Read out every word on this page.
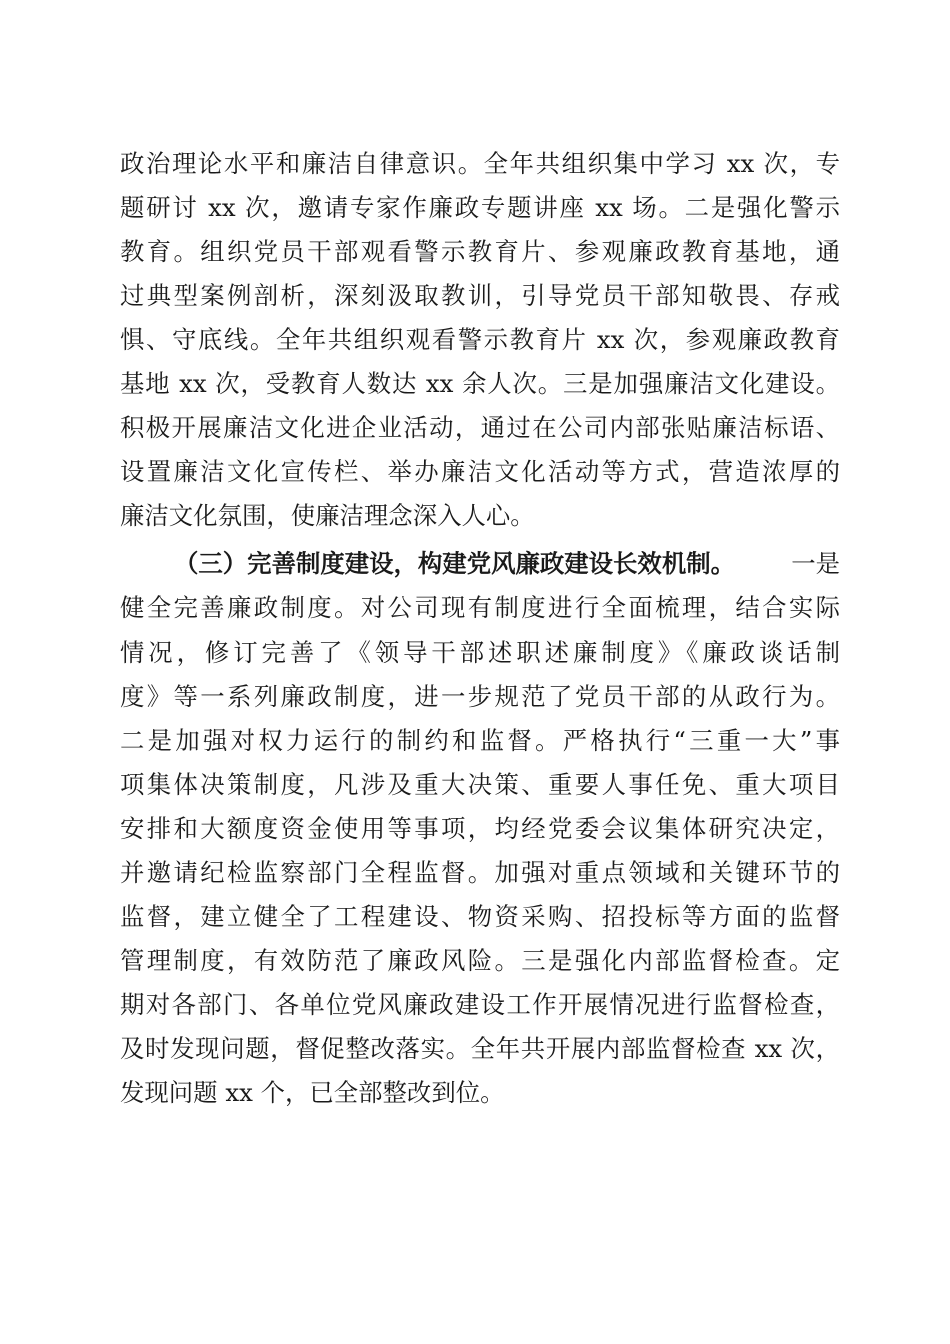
政治理论水平和廉洁自律意识。全年共组织集中学习 xx 次，专
题研讨 xx 次，邀请专家作廉政专题讲座 xx 场。二是强化警示
教育。组织党员干部观看警示教育片、参观廉政教育基地，通
过典型案例剖析，深刻汲取教训，引导党员干部知敬畏、存戒
惧、守底线。全年共组织观看警示教育片 xx 次，参观廉政教育
基地 xx 次，受教育人数达 xx 余人次。三是加强廉洁文化建设。
积极开展廉洁文化进企业活动，通过在公司内部张贴廉洁标语、
设置廉洁文化宣传栏、举办廉洁文化活动等方式，营造浓厚的
廉洁文化氛围，使廉洁理念深入人心。
（三）完善制度建设，构建党风廉政建设长效机制。 一是
健全完善廉政制度。对公司现有制度进行全面梳理，结合实际
情况，修订完善了《领导干部述职述廉制度》《廉政谈话制
度》等一系列廉政制度，进一步规范了党员干部的从政行为。
二是加强对权力运行的制约和监督。严格执行“三重一大”事
项集体决策制度，凡涉及重大决策、重要人事任免、重大项目
安排和大额度资金使用等事项，均经党委会议集体研究决定，
并邀请纪检监察部门全程监督。加强对重点领域和关键环节的
监督，建立健全了工程建设、物资采购、招投标等方面的监督
管理制度，有效防范了廉政风险。三是强化内部监督检查。定
期对各部门、各单位党风廉政建设工作开展情况进行监督检查，
及时发现问题，督促整改落实。全年共开展内部监督检查 xx 次，
发现问题 xx 个，已全部整改到位。
